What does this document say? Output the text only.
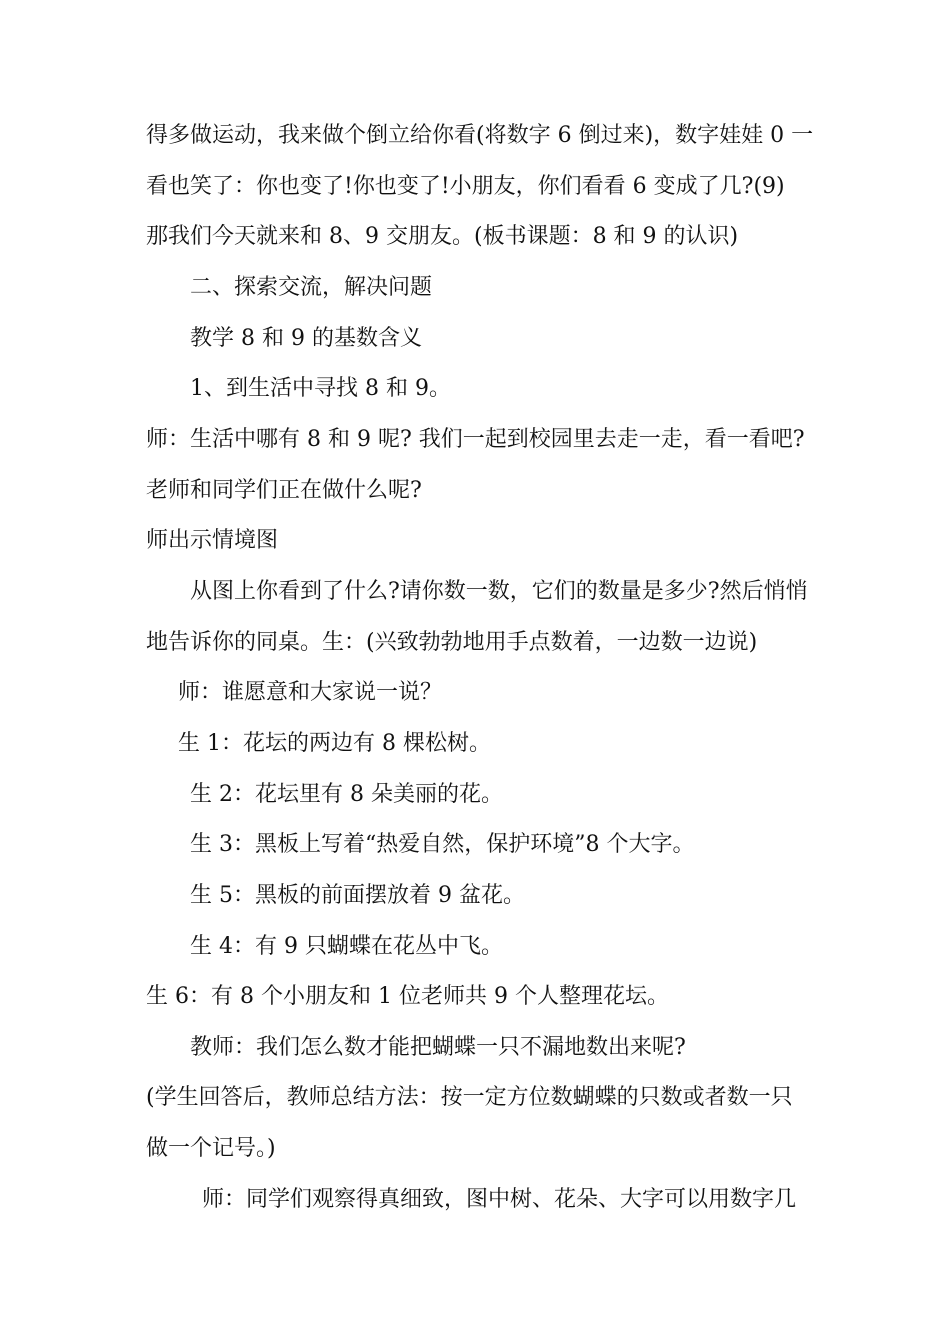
得多做运动，我来做个倒立给你看(将数字 6 倒过来)，数字娃娃 0 一
看也笑了：你也变了!你也变了!小朋友，你们看看 6 变成了几?(9)
那我们今天就来和 8、9 交朋友。(板书课题：8 和 9 的认识)
二、探索交流，解决问题
教学 8 和 9 的基数含义
1、到生活中寻找 8 和 9。
师：生活中哪有 8 和 9 呢? 我们一起到校园里去走一走，看一看吧?
老师和同学们正在做什么呢?
师出示情境图
从图上你看到了什么?请你数一数，它们的数量是多少?然后悄悄
地告诉你的同桌。生：(兴致勃勃地用手点数着，一边数一边说)
师：谁愿意和大家说一说？
生 1：花坛的两边有 8 棵松树。
生 2：花坛里有 8 朵美丽的花。
生 3：黑板上写着“热爱自然，保护环境”8 个大字。
生 5：黑板的前面摆放着 9 盆花。
生 4：有 9 只蝴蝶在花丛中飞。
生 6：有 8 个小朋友和 1 位老师共 9 个人整理花坛。
教师：我们怎么数才能把蝴蝶一只不漏地数出来呢?
(学生回答后，教师总结方法：按一定方位数蝴蝶的只数或者数一只
做一个记号。)
师：同学们观察得真细致，图中树、花朵、大字可以用数字几
